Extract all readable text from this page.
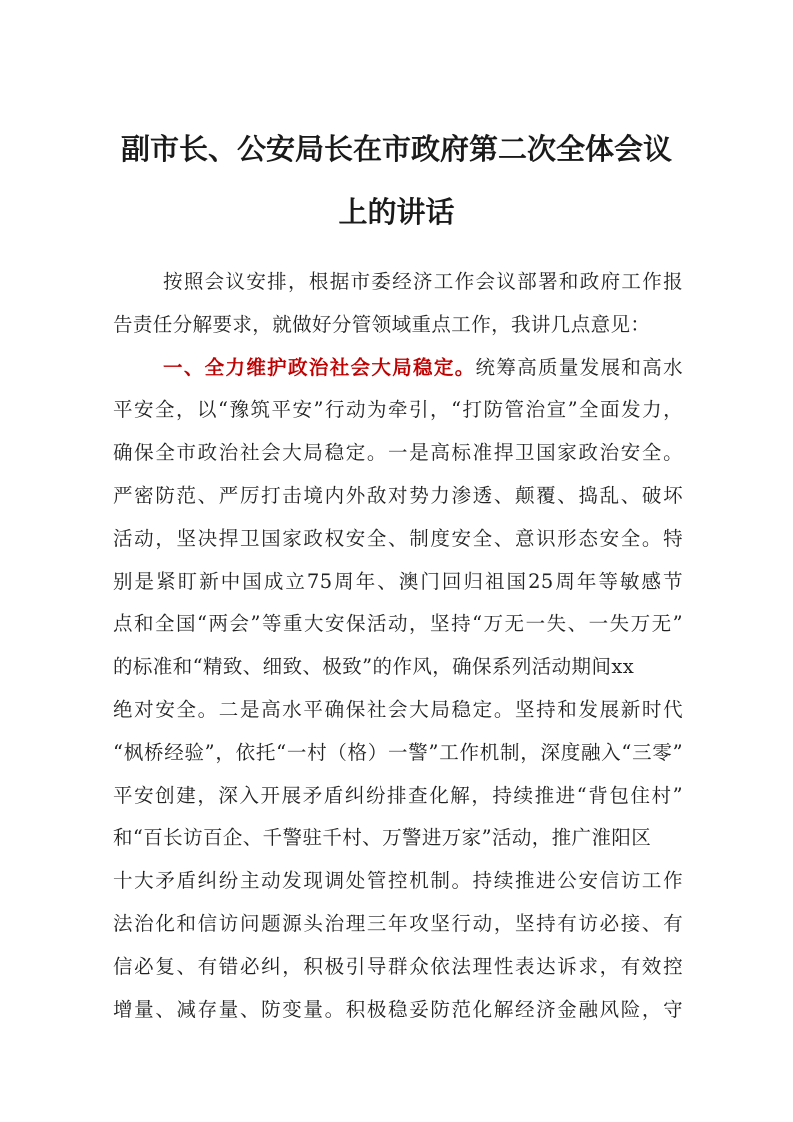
副市长、公安局长在市政府第二次全体会议
上的讲话
按照会议安排，根据市委经济工作会议部署和政府工作报
告责任分解要求，就做好分管领域重点工作，我讲几点意见：
一、全力维护政治社会大局稳定。统筹高质量发展和高水
平安全，以“豫筑平安”行动为牵引，“打防管治宣”全面发力，
确保全市政治社会大局稳定。一是高标准捍卫国家政治安全。
严密防范、严厉打击境内外敌对势力渗透、颠覆、捣乱、破坏
活动，坚决捍卫国家政权安全、制度安全、意识形态安全。特
别是紧盯新中国成立75周年、澳门回归祖国25周年等敏感节
点和全国“两会”等重大安保活动，坚持“万无一失、一失万无”
的标准和“精致、细致、极致”的作风，确保系列活动期间xx
绝对安全。二是高水平确保社会大局稳定。坚持和发展新时代
“枫桥经验”，依托“一村（格）一警”工作机制，深度融入“三零”
平安创建，深入开展矛盾纠纷排查化解，持续推进“背包住村”
和“百长访百企、千警驻千村、万警进万家”活动，推广淮阳区
十大矛盾纠纷主动发现调处管控机制。持续推进公安信访工作
法治化和信访问题源头治理三年攻坚行动，坚持有访必接、有
信必复、有错必纠，积极引导群众依法理性表达诉求，有效控
增量、减存量、防变量。积极稳妥防范化解经济金融风险，守
